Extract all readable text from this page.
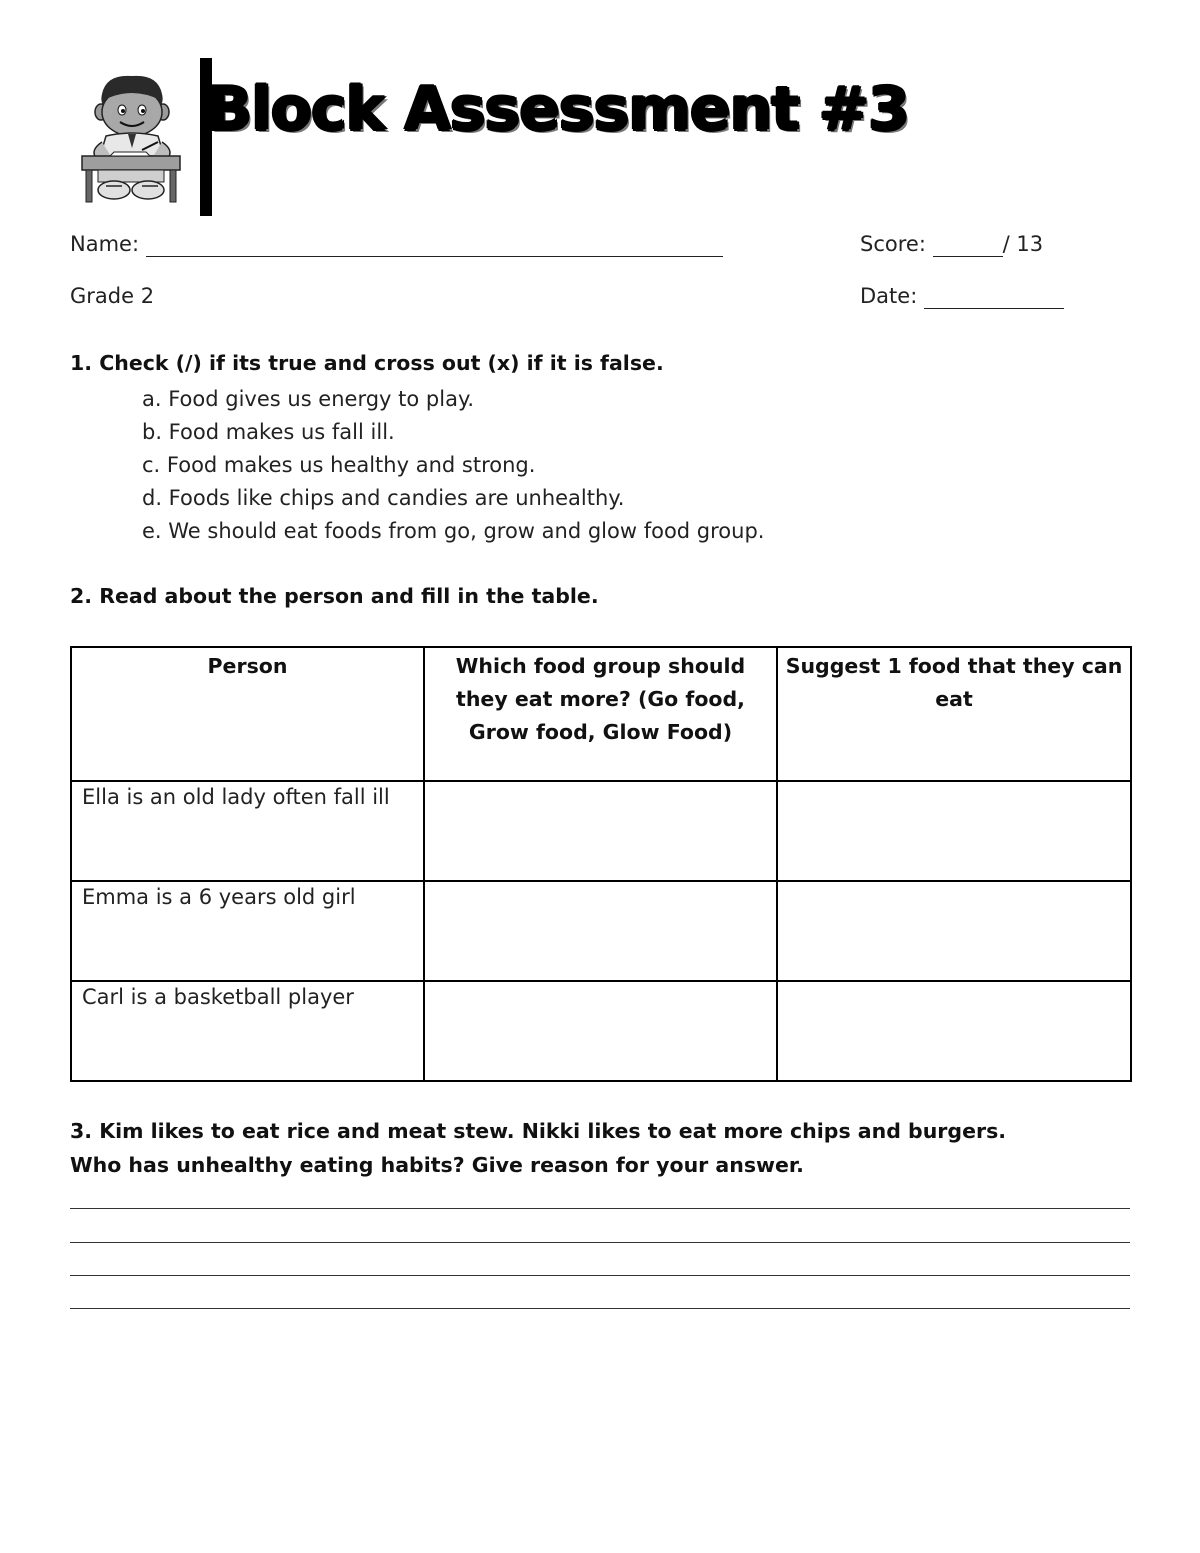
Block Assessment #3
Name:	Score:	/ 13
Grade 2	Date:
1. Check (/) if its true and cross out (x) if it is false.
a. Food gives us energy to play.
b. Food makes us fall ill.
c. Food makes us healthy and strong.
d. Foods like chips and candies are unhealthy.
e. We should eat foods from go, grow and glow food group.
2. Read about the person and fill in the table.
Person	Which food group should they eat more? (Go food, Grow food, Glow Food)	Suggest 1 food that they can eat
Ella is an old lady often fall ill		
Emma is a 6 years old girl		
Carl is a basketball player		
3. Kim likes to eat rice and meat stew. Nikki likes to eat more chips and burgers.
Who has unhealthy eating habits? Give reason for your answer.
